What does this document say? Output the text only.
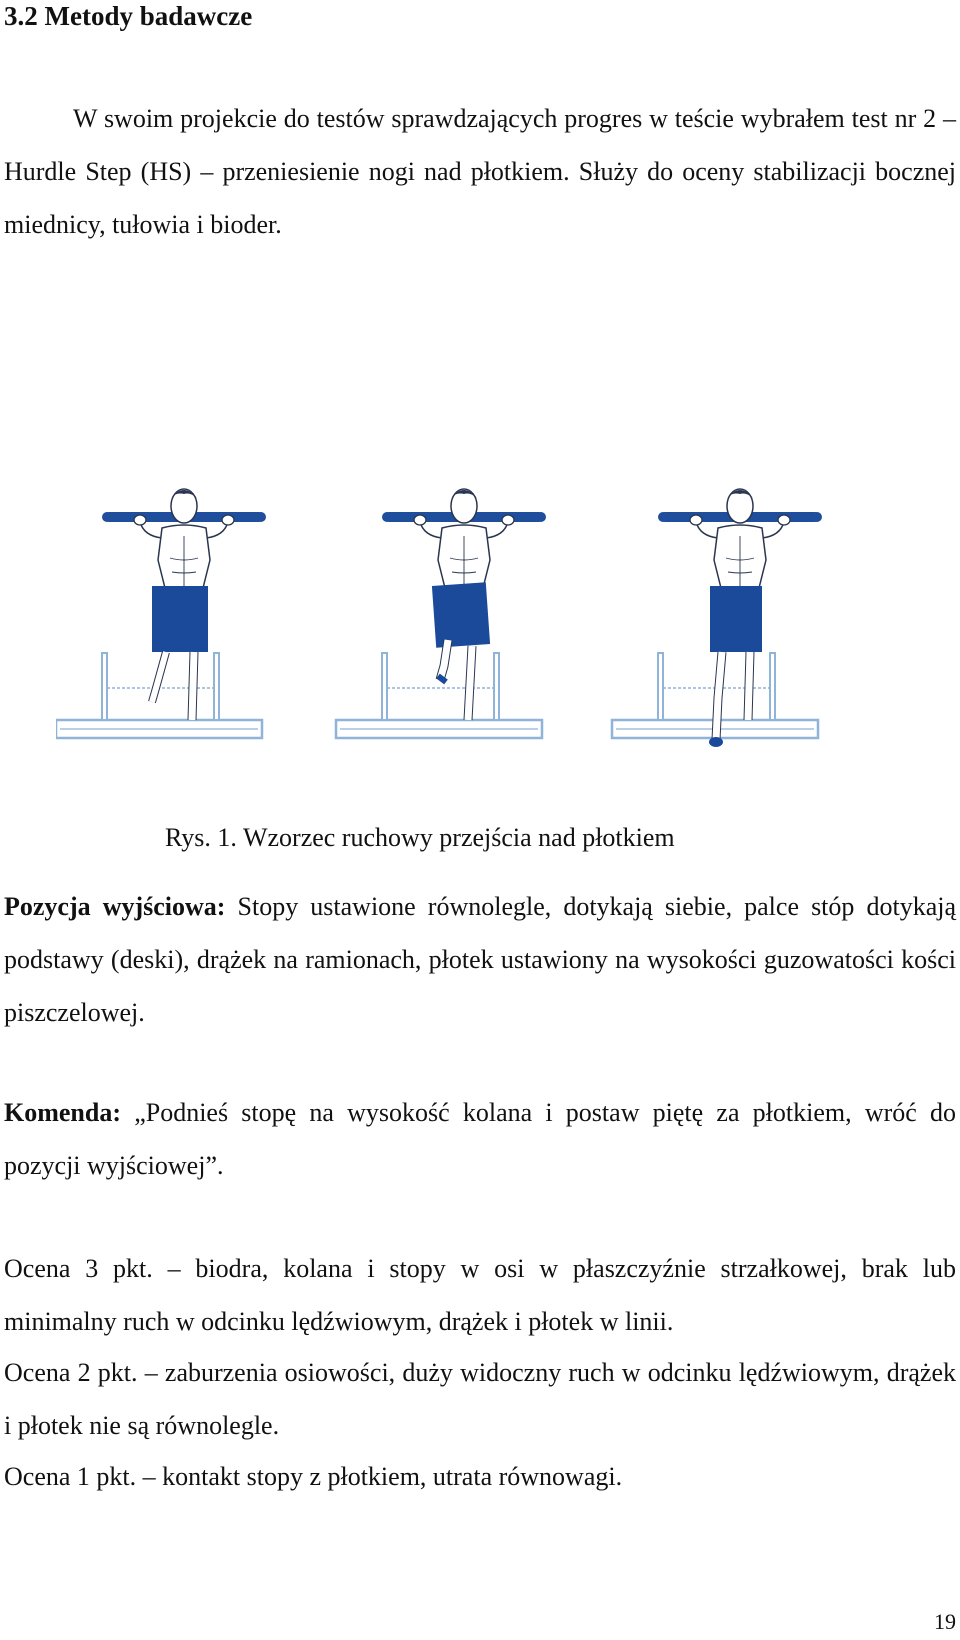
3.2 Metody badawcze

W swoim projekcie do testów sprawdzających progres w teście wybrałem test nr 2 – Hurdle Step (HS) – przeniesienie nogi nad płotkiem. Służy do oceny stabilizacji bocznej miednicy, tułowia i bioder.

Rys. 1. Wzorzec ruchowy przejścia nad płotkiem

Pozycja wyjściowa: Stopy ustawione równolegle, dotykają siebie, palce stóp dotykają podstawy (deski), drążek na ramionach, płotek ustawiony na wysokości guzowatości kości piszczelowej.

Komenda: „Podnieś stopę na wysokość kolana i postaw piętę za płotkiem, wróć do pozycji wyjściowej”.

Ocena 3 pkt. – biodra, kolana i stopy w osi w płaszczyźnie strzałkowej, brak lub minimalny ruch w odcinku lędźwiowym, drążek i płotek w linii.

Ocena 2 pkt. – zaburzenia osiowości, duży widoczny ruch w odcinku lędźwiowym, drążek i płotek nie są równolegle.

Ocena 1 pkt. – kontakt stopy z płotkiem, utrata równowagi.

19
